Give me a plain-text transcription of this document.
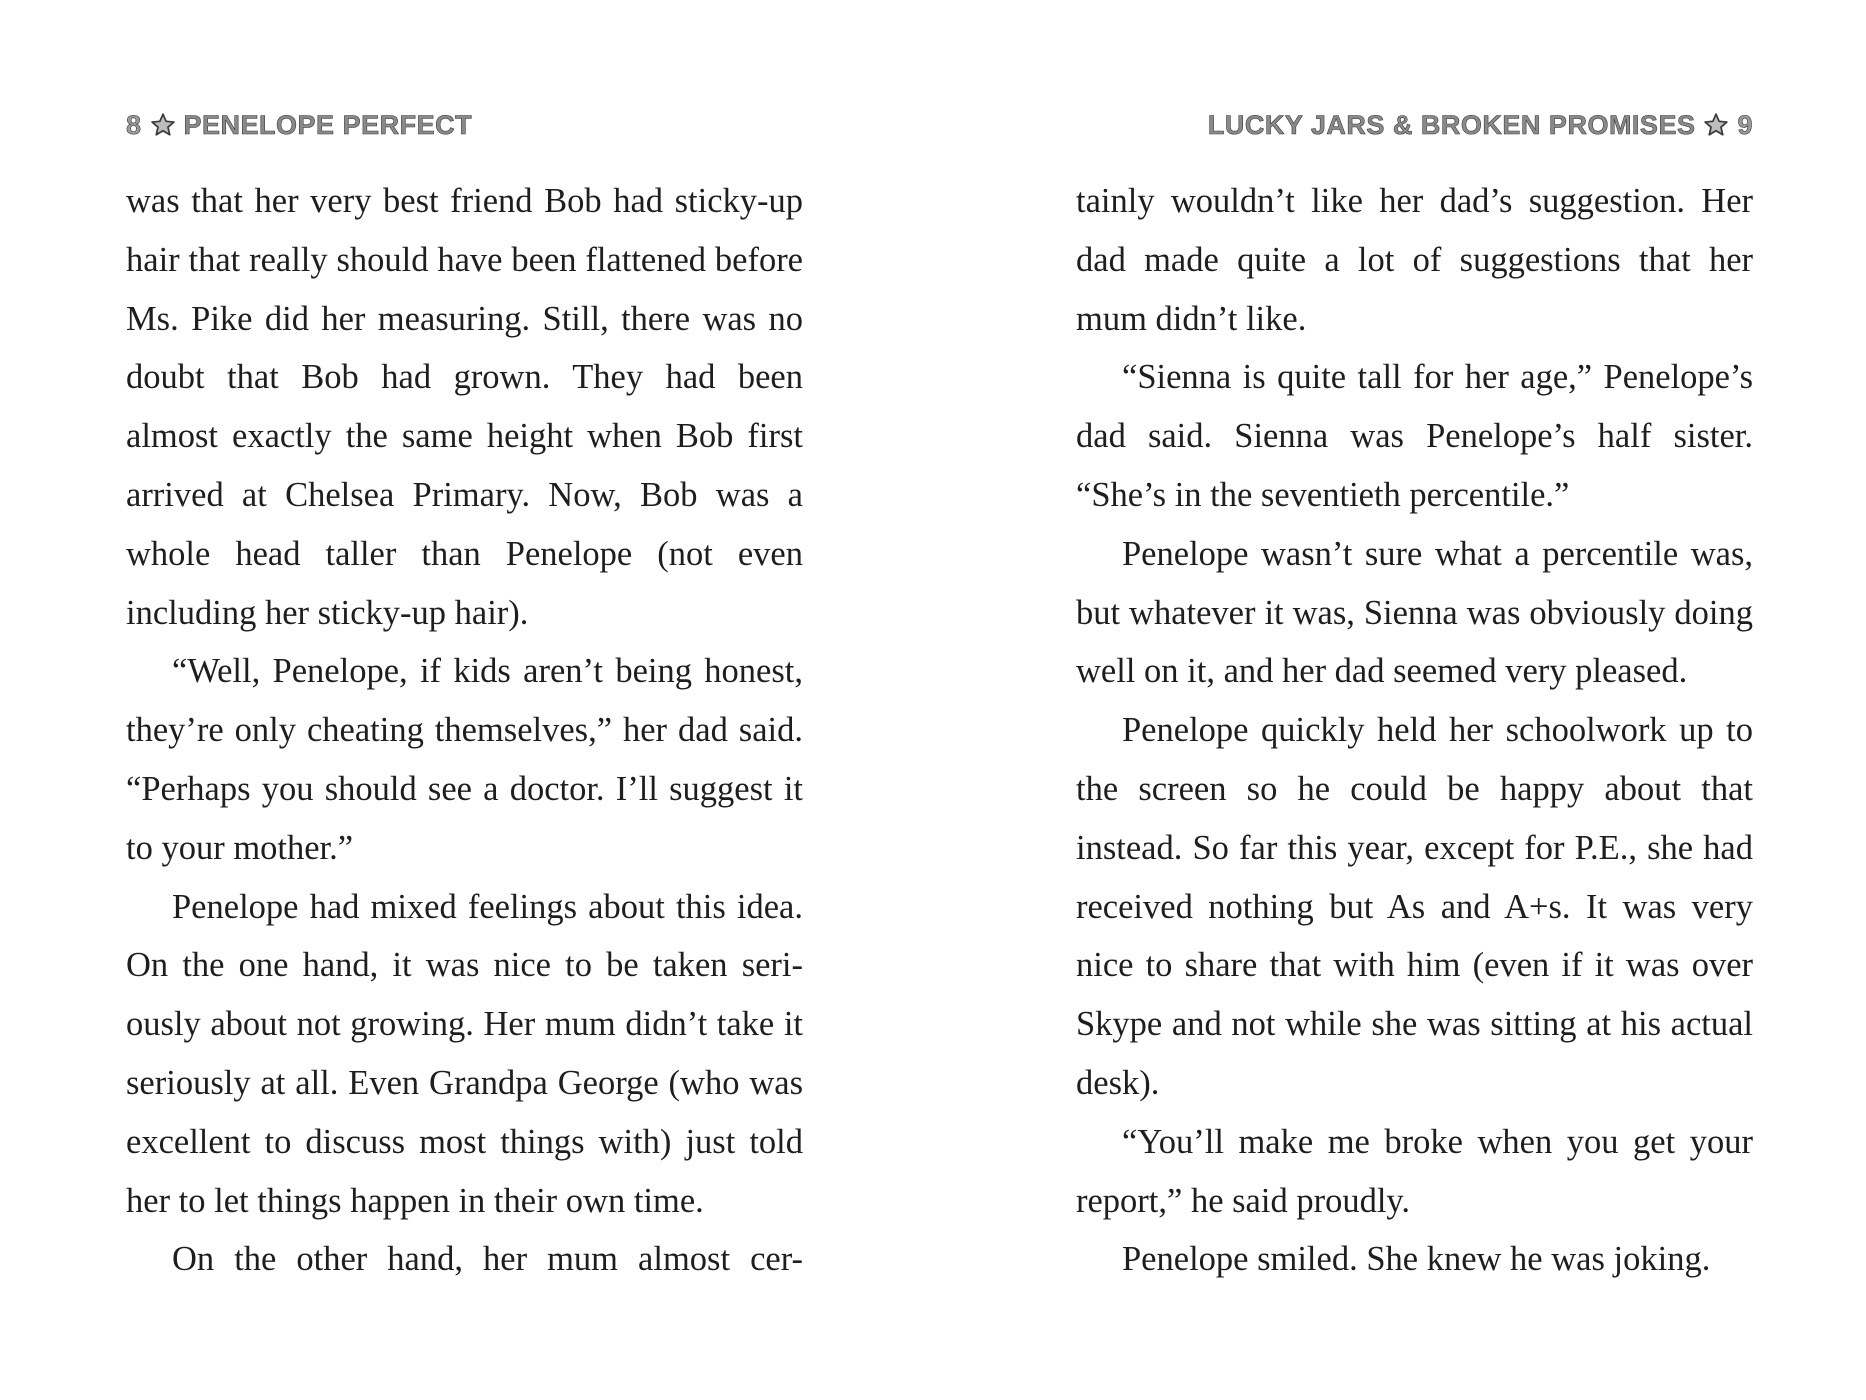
8 PENELOPE PERFECT

was that her very best friend Bob had sticky-up hair that really should have been flattened before Ms. Pike did her measuring. Still, there was no doubt that Bob had grown. They had been almost exactly the same height when Bob first arrived at Chelsea Primary. Now, Bob was a whole head taller than Penelope (not even including her sticky-up hair).

“Well, Penelope, if kids aren’t being honest, they’re only cheating themselves,” her dad said. “Perhaps you should see a doctor. I’ll suggest it to your mother.”

Penelope had mixed feelings about this idea. On the one hand, it was nice to be taken seri-ously about not growing. Her mum didn’t take it seriously at all. Even Grandpa George (who was excellent to discuss most things with) just told her to let things happen in their own time.

On the other hand, her mum almost cer-

LUCKY JARS & BROKEN PROMISES 9

tainly wouldn’t like her dad’s suggestion. Her dad made quite a lot of suggestions that her mum didn’t like.

“Sienna is quite tall for her age,” Penelope’s dad said. Sienna was Penelope’s half sister. “She’s in the seventieth percentile.”

Penelope wasn’t sure what a percentile was, but whatever it was, Sienna was obviously doing well on it, and her dad seemed very pleased.

Penelope quickly held her schoolwork up to the screen so he could be happy about that instead. So far this year, except for P.E., she had received nothing but As and A+s. It was very nice to share that with him (even if it was over Skype and not while she was sitting at his actual desk).

“You’ll make me broke when you get your report,” he said proudly.

Penelope smiled. She knew he was joking.
